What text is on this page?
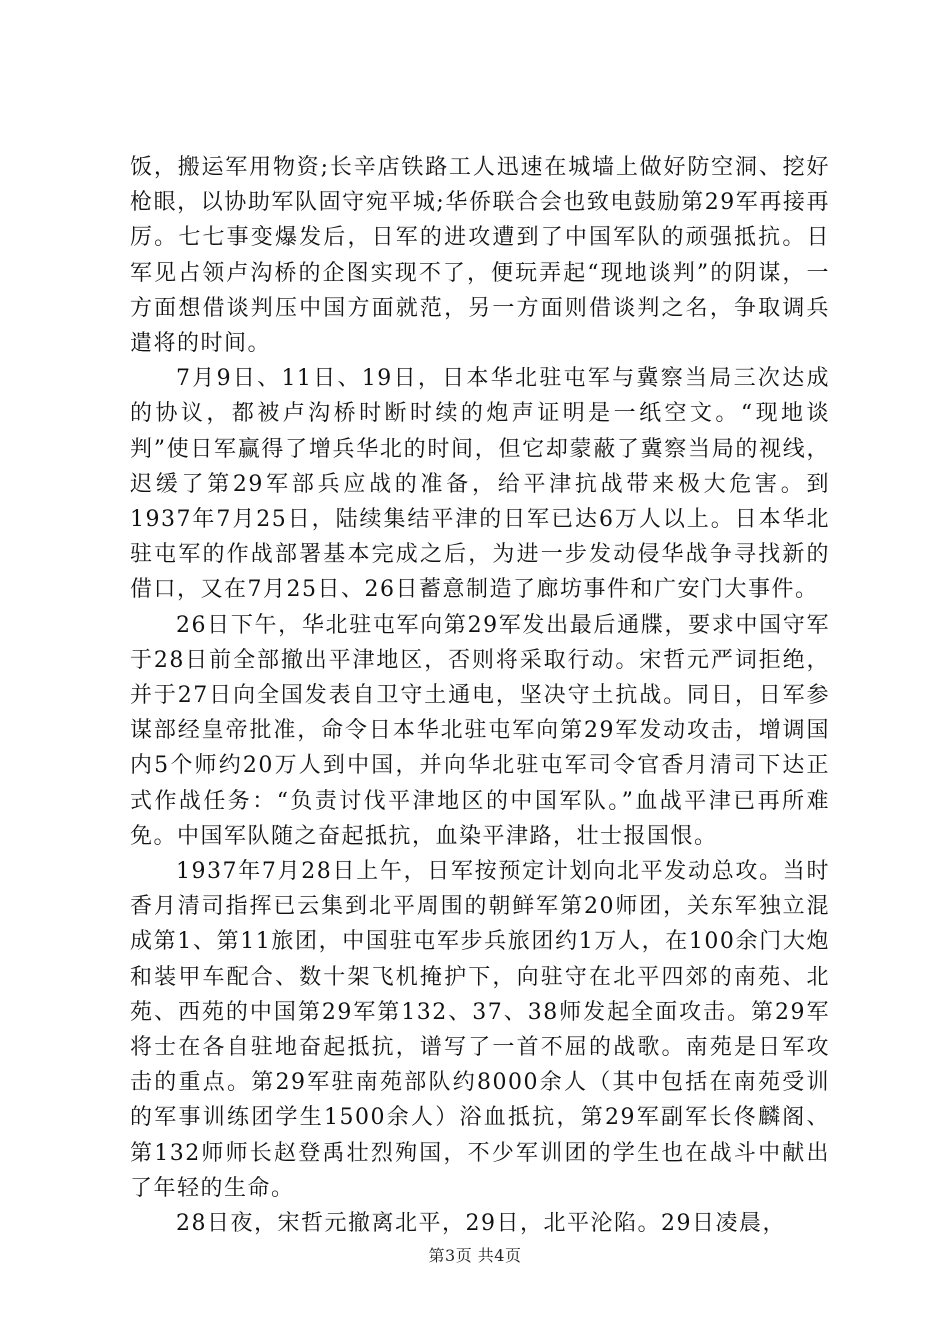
饭，搬运军用物资;长辛店铁路工人迅速在城墙上做好防空洞、挖好枪眼，以协助军队固守宛平城;华侨联合会也致电鼓励第29军再接再厉。七七事变爆发后，日军的进攻遭到了中国军队的顽强抵抗。日军见占领卢沟桥的企图实现不了，便玩弄起“现地谈判”的阴谋，一方面想借谈判压中国方面就范，另一方面则借谈判之名，争取调兵遣将的时间。

7月9日、11日、19日，日本华北驻屯军与冀察当局三次达成的协议，都被卢沟桥时断时续的炮声证明是一纸空文。“现地谈判”使日军赢得了增兵华北的时间，但它却蒙蔽了冀察当局的视线，迟缓了第29军部兵应战的准备，给平津抗战带来极大危害。到1937年7月25日，陆续集结平津的日军已达6万人以上。日本华北驻屯军的作战部署基本完成之后，为进一步发动侵华战争寻找新的借口，又在7月25日、26日蓄意制造了廊坊事件和广安门大事件。

26日下午，华北驻屯军向第29军发出最后通牒，要求中国守军于28日前全部撤出平津地区，否则将采取行动。宋哲元严词拒绝，并于27日向全国发表自卫守土通电，坚决守土抗战。同日，日军参谋部经皇帝批准，命令日本华北驻屯军向第29军发动攻击，增调国内5个师约20万人到中国，并向华北驻屯军司令官香月清司下达正式作战任务：“负责讨伐平津地区的中国军队。”血战平津已再所难免。中国军队随之奋起抵抗，血染平津路，壮士报国恨。

1937年7月28日上午，日军按预定计划向北平发动总攻。当时香月清司指挥已云集到北平周围的朝鲜军第20师团，关东军独立混成第1、第11旅团，中国驻屯军步兵旅团约1万人，在100余门大炮和装甲车配合、数十架飞机掩护下，向驻守在北平四郊的南苑、北苑、西苑的中国第29军第132、37、38师发起全面攻击。第29军将士在各自驻地奋起抵抗，谱写了一首不屈的战歌。南苑是日军攻击的重点。第29军驻南苑部队约8000余人（其中包括在南苑受训的军事训练团学生1500余人）浴血抵抗，第29军副军长佟麟阁、第132师师长赵登禹壮烈殉国，不少军训团的学生也在战斗中献出了年轻的生命。

28日夜，宋哲元撤离北平，29日，北平沦陷。29日凌晨，

第3页 共4页
